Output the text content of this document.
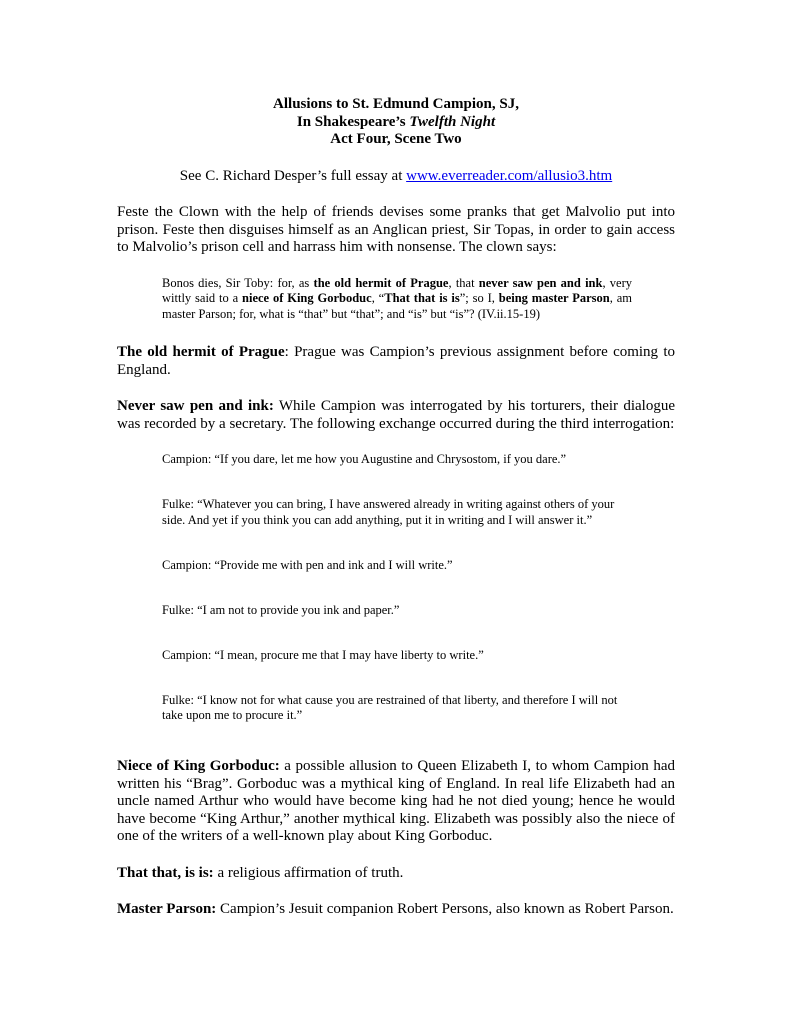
Allusions to St. Edmund Campion, SJ,

In Shakespeare’s Twelfth Night

Act Four, Scene Two

See C. Richard Desper’s full essay at www.everreader.com/allusio3.htm

Feste the Clown with the help of friends devises some pranks that get Malvolio put into prison. Feste then disguises himself as an Anglican priest, Sir Topas, in order to gain access to Malvolio’s prison cell and harrass him with nonsense. The clown says:

Bonos dies, Sir Toby: for, as the old hermit of Prague, that never saw pen and ink, very wittly said to a niece of King Gorboduc, “That that is is”; so I, being master Parson, am master Parson; for, what is “that” but “that”; and “is” but “is”? (IV.ii.15-19)

The old hermit of Prague: Prague was Campion’s previous assignment before coming to England.

Never saw pen and ink: While Campion was interrogated by his torturers, their dialogue was recorded by a secretary. The following exchange occurred during the third interrogation:

Campion: “If you dare, let me how you Augustine and Chrysostom, if you dare.”

Fulke: “Whatever you can bring, I have answered already in writing against others of your side. And yet if you think you can add anything, put it in writing and I will answer it.”

Campion: “Provide me with pen and ink and I will write.”

Fulke: “I am not to provide you ink and paper.”

Campion: “I mean, procure me that I may have liberty to write.”

Fulke: “I know not for what cause you are restrained of that liberty, and therefore I will not take upon me to procure it.”

Niece of King Gorboduc: a possible allusion to Queen Elizabeth I, to whom Campion had written his “Brag”. Gorboduc was a mythical king of England. In real life Elizabeth had an uncle named Arthur who would have become king had he not died young; hence he would have become “King Arthur,” another mythical king. Elizabeth was possibly also the niece of one of the writers of a well-known play about King Gorboduc.

That that, is is: a religious affirmation of truth.

Master Parson: Campion’s Jesuit companion Robert Persons, also known as Robert Parson.
